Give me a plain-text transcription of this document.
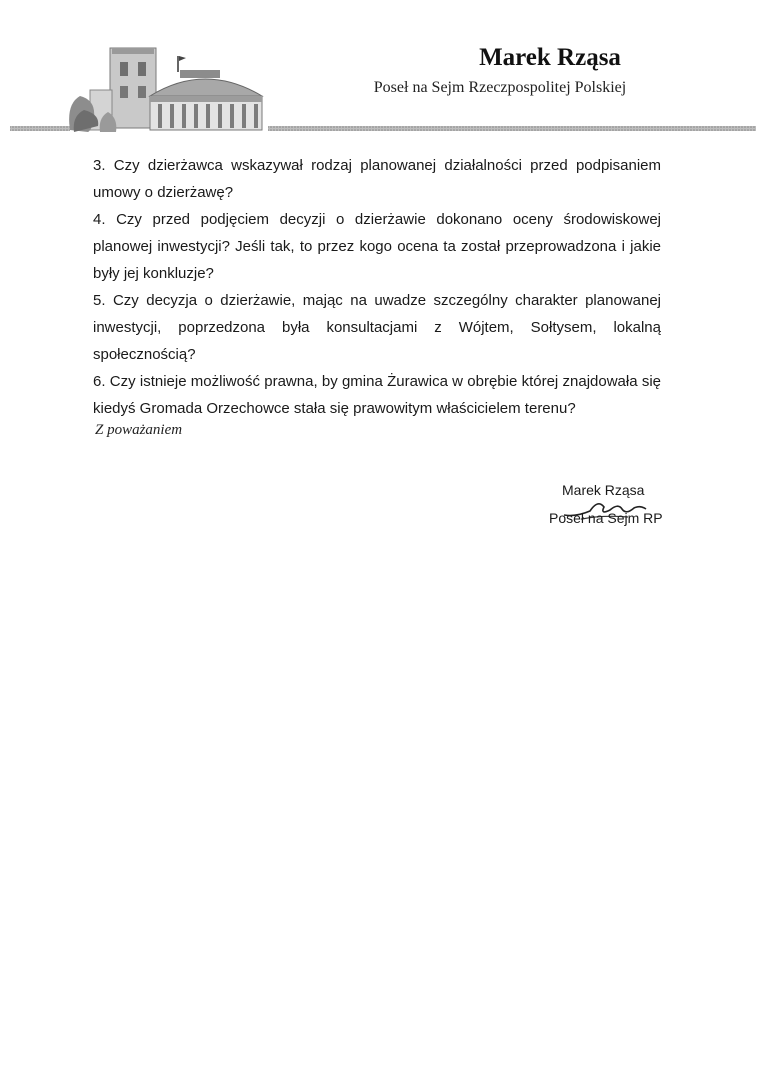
Marek Rząsa
Poseł na Sejm Rzeczpospolitej Polskiej

3. Czy dzierżawca wskazywał rodzaj planowanej działalności przed podpisaniem umowy o dzierżawę?

4. Czy przed podjęciem decyzji o dzierżawie dokonano oceny środowiskowej planowej inwestycji? Jeśli tak, to przez kogo ocena ta został przeprowadzona i jakie były jej konkluzje?

5. Czy decyzja o dzierżawie, mając na uwadze szczególny charakter planowanej inwestycji, poprzedzona była konsultacjami z Wójtem, Sołtysem, lokalną społecznością?

6. Czy istnieje możliwość prawna, by gmina Żurawica w obrębie której znajdowała się kiedyś Gromada Orzechowce stała się prawowitym właścicielem terenu?

Z poważaniem
Marek Rząsa
Poseł na Sejm RP
